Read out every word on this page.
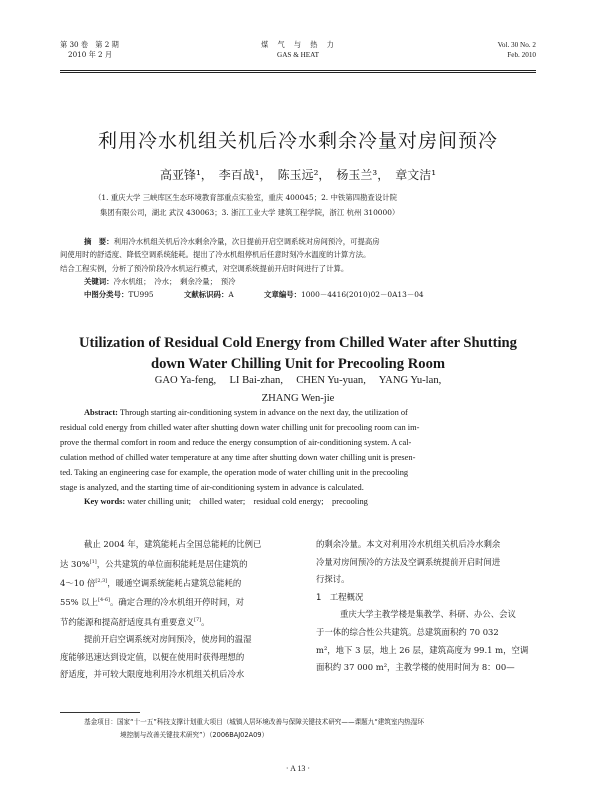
第 30 卷　第 2 期
2010 年 2 月
煤　气　与　热　力
GAS & HEAT
Vol. 30 No. 2
Feb. 2010
利用冷水机组关机后冷水剩余冷量对房间预冷
高亚锋¹，　李百战¹，　陈玉远²，　杨玉兰³，　章文洁¹
（1. 重庆大学 三峡库区生态环境教育部重点实验室，重庆 400045；2. 中铁第四勘查设计院
集团有限公司，湖北 武汉 430063；3. 浙江工业大学 建筑工程学院，浙江 杭州 310000）
摘　要：利用冷水机组关机后冷水剩余冷量，次日提前开启空调系统对房间预冷，可提高房
间使用时的舒适度、降低空调系统能耗。提出了冷水机组停机后任意时刻冷水温度的计算方法。
结合工程实例，分析了预冷阶段冷水机运行模式，对空调系统提前开启时间进行了计算。
关键词：冷水机组；　冷水；　剩余冷量；　预冷
中图分类号：TU995	文献标识码：A	文章编号：1000－4416(2010)02－0A13－04
Utilization of Residual Cold Energy from Chilled Water after Shutting
down Water Chilling Unit for Precooling Room
GAO Ya-feng,　 LI Bai-zhan,　 CHEN Yu-yuan,　 YANG Yu-lan,
ZHANG Wen-jie
Abstract: Through starting air-conditioning system in advance on the next day, the utilization of
residual cold energy from chilled water after shutting down water chilling unit for precooling room can im-
prove the thermal comfort in room and reduce the energy consumption of air-conditioning system. A cal-
culation method of chilled water temperature at any time after shutting down water chilling unit is presen-
ted. Taking an engineering case for example, the operation mode of water chilling unit in the precooling
stage is analyzed, and the starting time of air-conditioning system in advance is calculated.
Key words: water chilling unit;　chilled water;　residual cold energy;　precooling
截止 2004 年，建筑能耗占全国总能耗的比例已
达 30%[1]，公共建筑的单位面积能耗是居住建筑的
4～10 倍[2,3]，暖通空调系统能耗占建筑总能耗的
55% 以上[4-6]。确定合理的冷水机组开停时间，对
节约能源和提高舒适度具有重要意义[7]。
提前开启空调系统对房间预冷，使房间的温湿
度能够迅速达到设定值，以便在使用时获得理想的
舒适度，并可较大限度地利用冷水机组关机后冷水
的剩余冷量。本文对利用冷水机组关机后冷水剩余
冷量对房间预冷的方法及空调系统提前开启时间进
行探讨。
1　工程概况
重庆大学主教学楼是集教学、科研、办公、会议
于一体的综合性公共建筑。总建筑面积约 70 032
m²，地下 3 层，地上 26 层，建筑高度为 99.1 m，空调
面积约 37 000 m²，主教学楼的使用时间为 8：00—
基金项目：国家“十一五”科技支撑计划重大项目（城镇人居环境改善与保障关键技术研究——课题九“建筑室内热湿环
境控制与改善关键技术研究”）（2006BAJ02A09）
· A 13 ·
